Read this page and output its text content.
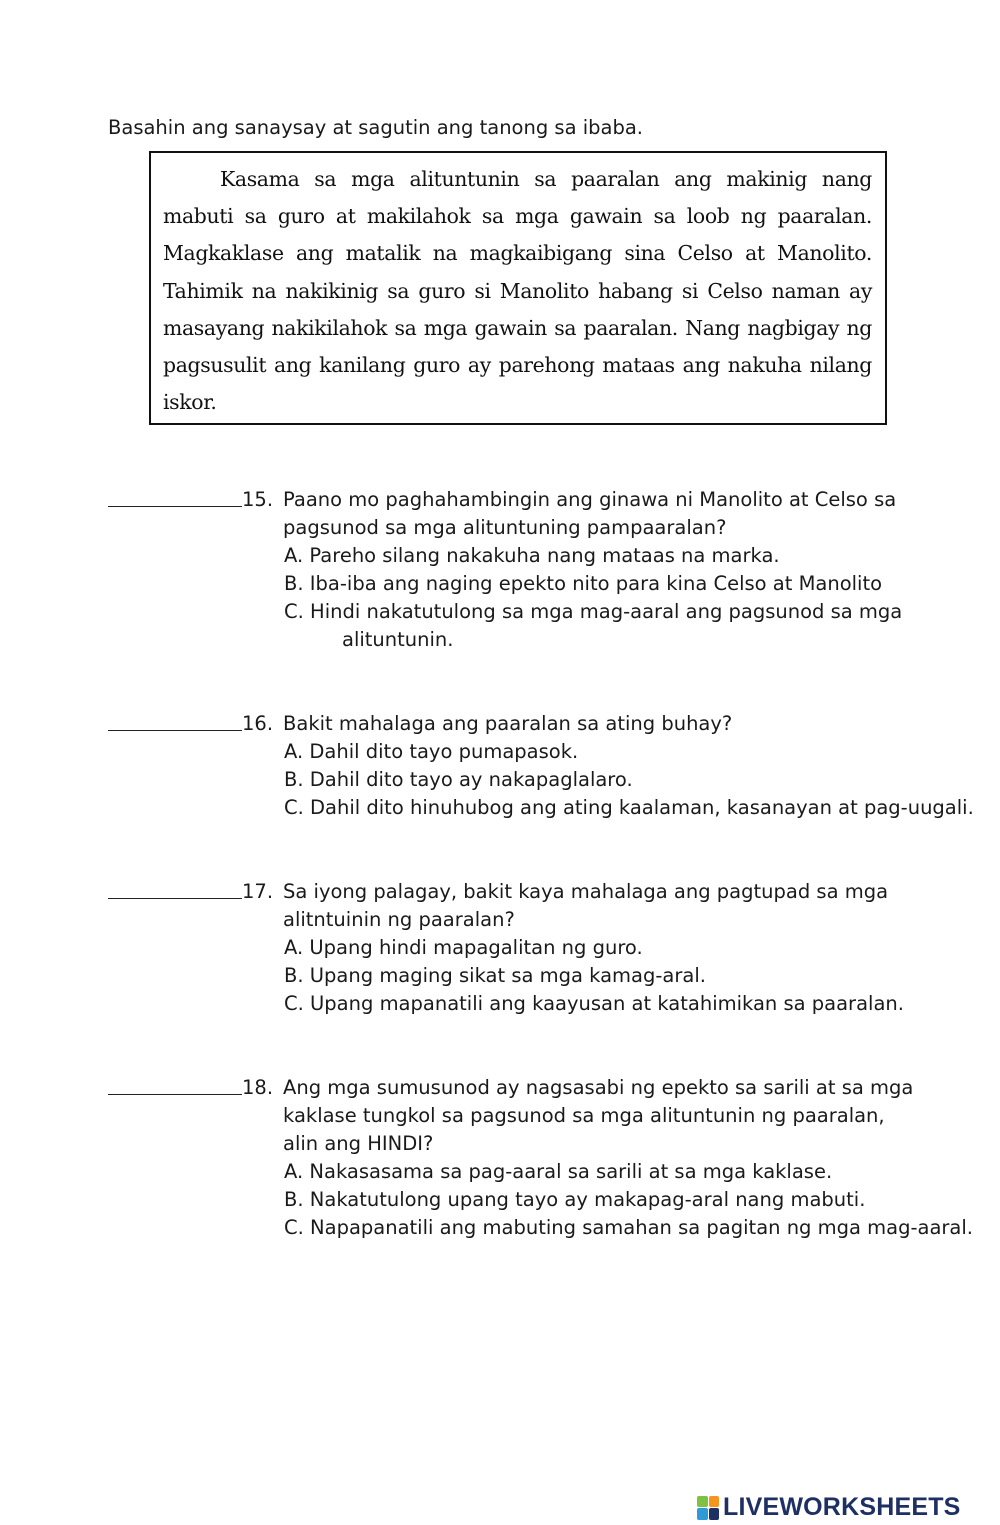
Basahin ang sanaysay at sagutin ang tanong sa ibaba.

Kasama sa mga alituntunin sa paaralan ang makinig nang mabuti sa guro at makilahok sa mga gawain sa loob ng paaralan. Magkaklase ang matalik na magkaibigang sina Celso at Manolito. Tahimik na nakikinig sa guro si Manolito habang si Celso naman ay masayang nakikilahok sa mga gawain sa paaralan. Nang nagbigay ng pagsusulit ang kanilang guro ay parehong mataas ang nakuha nilang iskor.

15. Paano mo paghahambingin ang ginawa ni Manolito at Celso sa pagsunod sa mga alituntuning pampaaralan?
A. Pareho silang nakakuha nang mataas na marka.
B. Iba-iba ang naging epekto nito para kina Celso at Manolito
C. Hindi nakatutulong sa mga mag-aaral ang pagsunod sa mga alituntunin.
16. Bakit mahalaga ang paaralan sa ating buhay?
A. Dahil dito tayo pumapasok.
B. Dahil dito tayo ay nakapaglalaro.
C. Dahil dito hinuhubog ang ating kaalaman, kasanayan at pag-uugali.
17. Sa iyong palagay, bakit kaya mahalaga ang pagtupad sa mga alitntuinin ng paaralan?
A. Upang hindi mapagalitan ng guro.
B. Upang maging sikat sa mga kamag-aral.
C. Upang mapanatili ang kaayusan at katahimikan sa paaralan.
18. Ang mga sumusunod ay nagsasabi ng epekto sa sarili at sa mga kaklase tungkol sa pagsunod sa mga alituntunin ng paaralan, alin ang HINDI?
A. Nakasasama sa pag-aaral sa sarili at sa mga kaklase.
B. Nakatutulong upang tayo ay makapag-aral nang mabuti.
C. Napapanatili ang mabuting samahan sa pagitan ng mga mag-aaral.
LIVEWORKSHEETS
